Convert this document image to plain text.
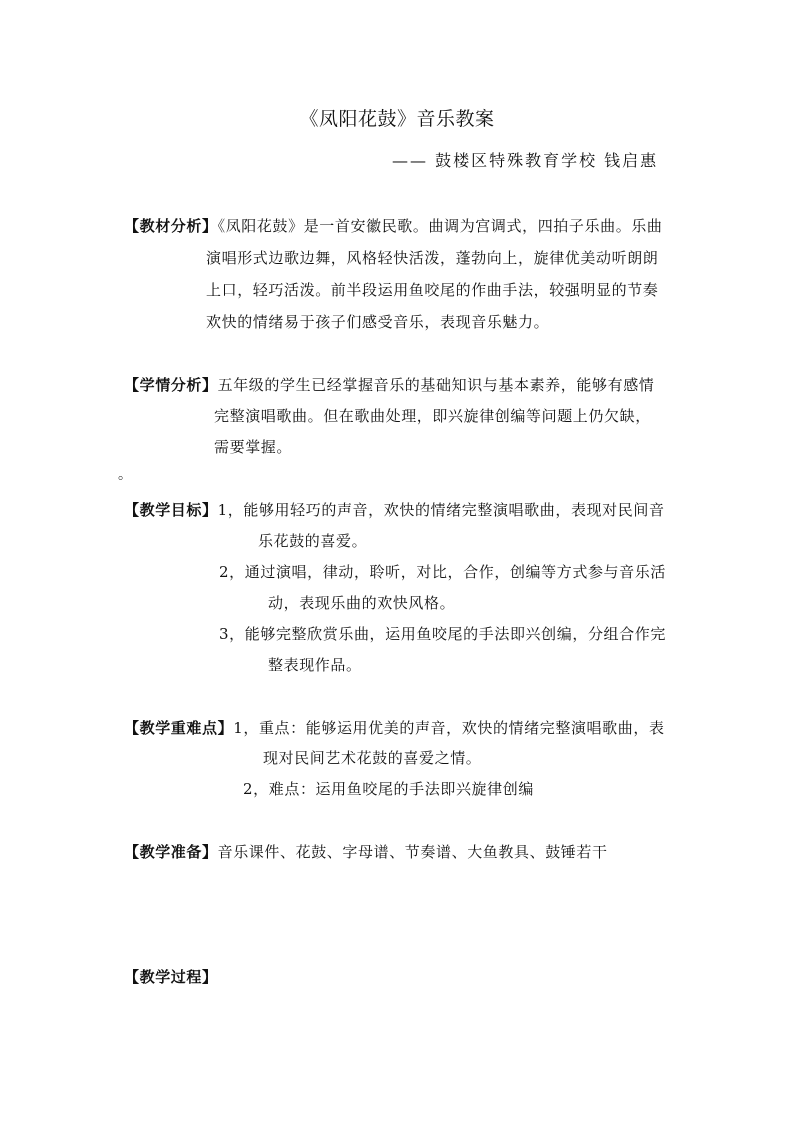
《凤阳花鼓》音乐教案
—— 鼓楼区特殊教育学校 钱启惠
【教材分析】《凤阳花鼓》是一首安徽民歌。曲调为宫调式，四拍子乐曲。乐曲
演唱形式边歌边舞，风格轻快活泼，蓬勃向上，旋律优美动听朗朗
上口，轻巧活泼。前半段运用鱼咬尾的作曲手法，较强明显的节奏
欢快的情绪易于孩子们感受音乐，表现音乐魅力。
【学情分析】五年级的学生已经掌握音乐的基础知识与基本素养，能够有感情
完整演唱歌曲。但在歌曲处理，即兴旋律创编等问题上仍欠缺，
需要掌握。
。
【教学目标】1，能够用轻巧的声音，欢快的情绪完整演唱歌曲，表现对民间音
乐花鼓的喜爱。
2，通过演唱，律动，聆听，对比，合作，创编等方式参与音乐活
动，表现乐曲的欢快风格。
3，能够完整欣赏乐曲，运用鱼咬尾的手法即兴创编，分组合作完
整表现作品。
【教学重难点】1，重点：能够运用优美的声音，欢快的情绪完整演唱歌曲，表
现对民间艺术花鼓的喜爱之情。
2，难点：运用鱼咬尾的手法即兴旋律创编
【教学准备】音乐课件、花鼓、字母谱、节奏谱、大鱼教具、鼓锤若干
【教学过程】
